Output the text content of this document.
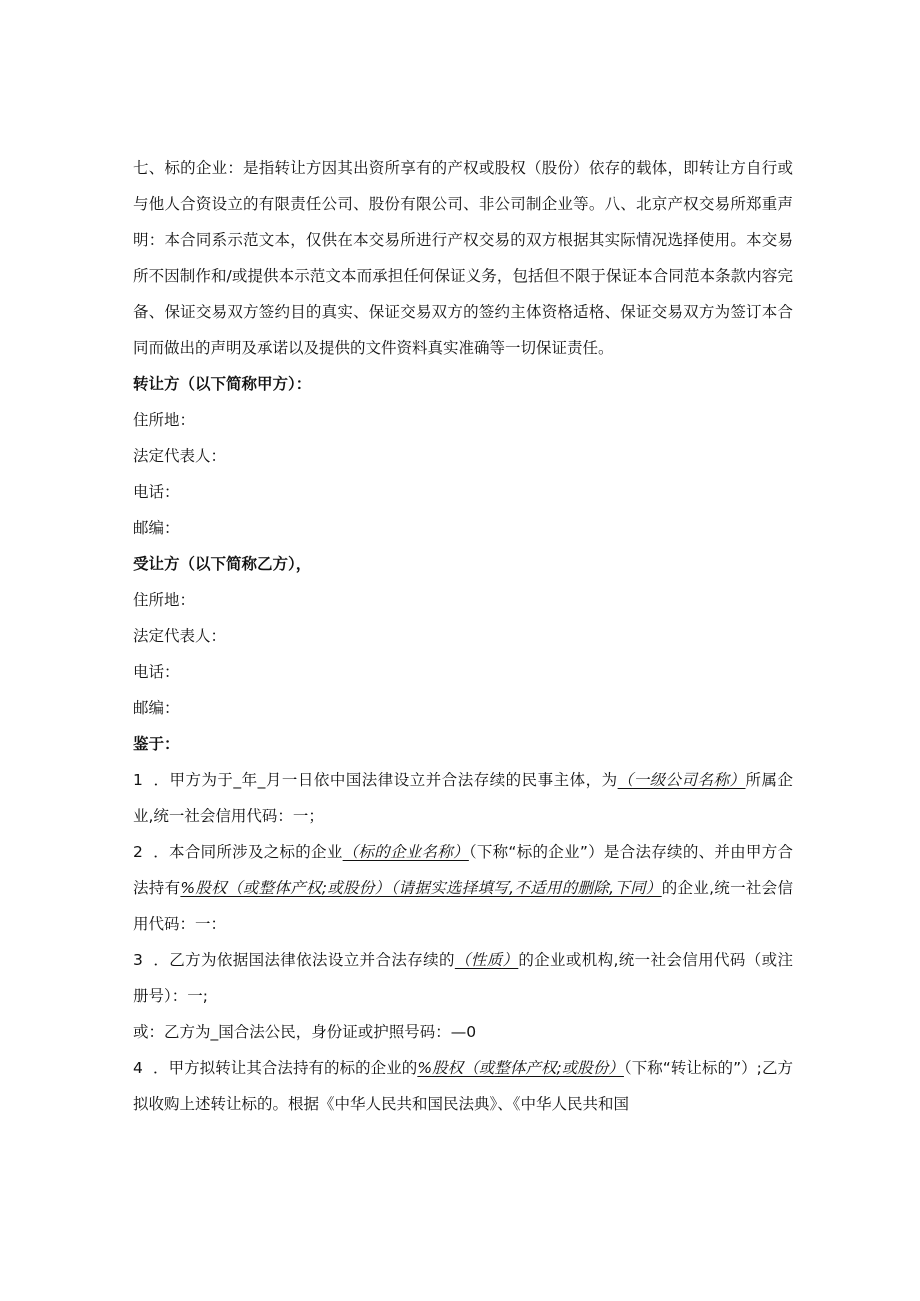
七、标的企业：是指转让方因其出资所享有的产权或股权（股份）依存的载体，即转让方自行或与他人合资设立的有限责任公司、股份有限公司、非公司制企业等。八、北京产权交易所郑重声明：本合同系示范文本，仅供在本交易所进行产权交易的双方根据其实际情况选择使用。本交易所不因制作和/或提供本示范文本而承担任何保证义务，包括但不限于保证本合同范本条款内容完备、保证交易双方签约目的真实、保证交易双方的签约主体资格适格、保证交易双方为签订本合同而做出的声明及承诺以及提供的文件资料真实准确等一切保证责任。

转让方（以下简称甲方）：

住所地：

法定代表人：

电话：

邮编：

受让方（以下简称乙方），

住所地：

法定代表人：

电话：

邮编：

鉴于：

1 ．甲方为于_年_月一日依中国法律设立并合法存续的民事主体，为（一级公司名称）所属企业,统一社会信用代码：一；

2 ．本合同所涉及之标的企业（标的企业名称）（下称“标的企业”）是合法存续的、并由甲方合法持有%股权（或整体产权;或股份）（请据实选择填写,不适用的删除,下同）的企业,统一社会信用代码：一：

3 ．乙方为依据国法律依法设立并合法存续的（性质）的企业或机构,统一社会信用代码（或注册号）：一;

或：乙方为_国合法公民，身份证或护照号码：—0

4 ．甲方拟转让其合法持有的标的企业的%股权（或整体产权;或股份）（下称“转让标的”）;乙方拟收购上述转让标的。根据《中华人民共和国民法典》、《中华人民共和国
